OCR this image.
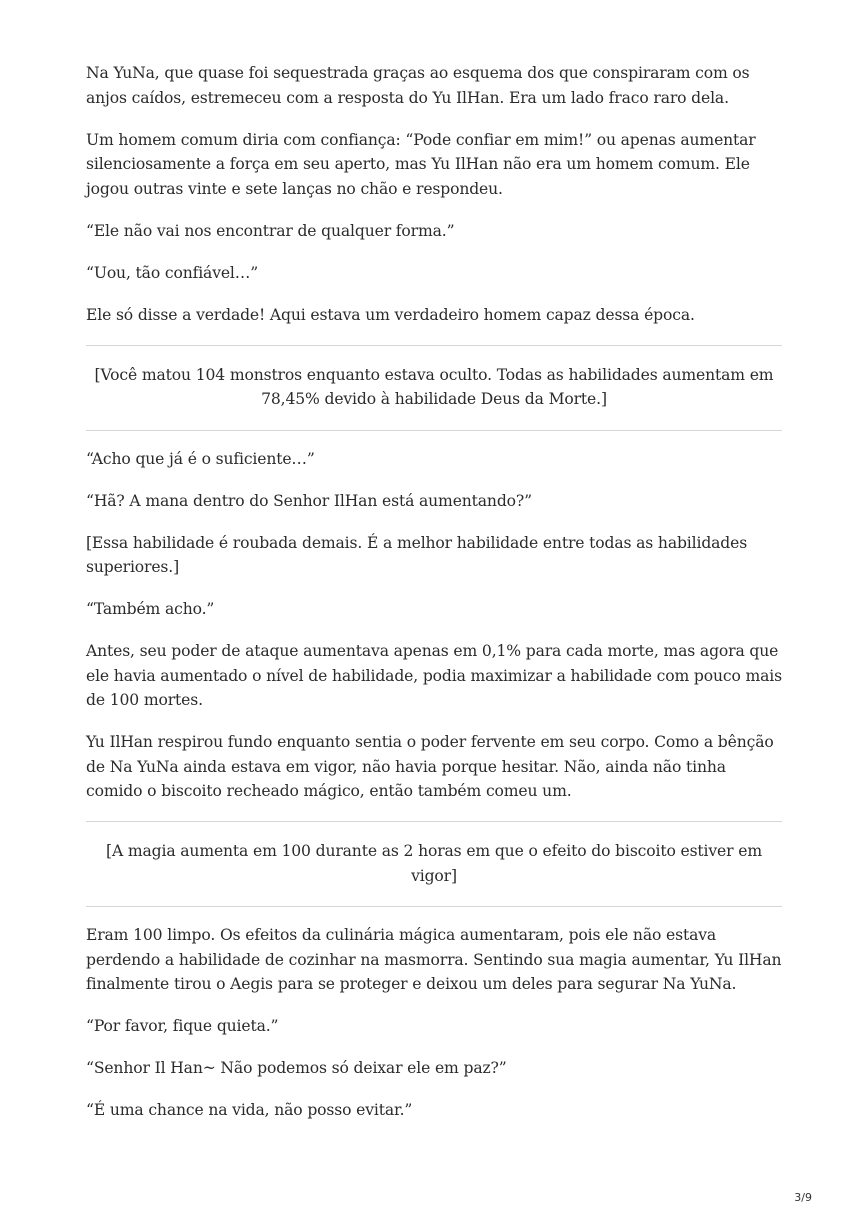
Na YuNa, que quase foi sequestrada graças ao esquema dos que conspiraram com os anjos caídos, estremeceu com a resposta do Yu IlHan. Era um lado fraco raro dela.

Um homem comum diria com confiança: “Pode confiar em mim!” ou apenas aumentar silenciosamente a força em seu aperto, mas Yu IlHan não era um homem comum. Ele jogou outras vinte e sete lanças no chão e respondeu.

“Ele não vai nos encontrar de qualquer forma.”

“Uou, tão confiável…”

Ele só disse a verdade! Aqui estava um verdadeiro homem capaz dessa época.

[Você matou 104 monstros enquanto estava oculto. Todas as habilidades aumentam em 78,45% devido à habilidade Deus da Morte.]

“Acho que já é o suficiente…”

“Hã? A mana dentro do Senhor IlHan está aumentando?”

[Essa habilidade é roubada demais. É a melhor habilidade entre todas as habilidades superiores.]

“Também acho.”

Antes, seu poder de ataque aumentava apenas em 0,1% para cada morte, mas agora que ele havia aumentado o nível de habilidade, podia maximizar a habilidade com pouco mais de 100 mortes.

Yu IlHan respirou fundo enquanto sentia o poder fervente em seu corpo. Como a bênção de Na YuNa ainda estava em vigor, não havia porque hesitar. Não, ainda não tinha comido o biscoito recheado mágico, então também comeu um.

[A magia aumenta em 100 durante as 2 horas em que o efeito do biscoito estiver em vigor]

Eram 100 limpo. Os efeitos da culinária mágica aumentaram, pois ele não estava perdendo a habilidade de cozinhar na masmorra. Sentindo sua magia aumentar, Yu IlHan finalmente tirou o Aegis para se proteger e deixou um deles para segurar Na YuNa.

“Por favor, fique quieta.”

“Senhor Il Han~ Não podemos só deixar ele em paz?”

“É uma chance na vida, não posso evitar.”

3/9
